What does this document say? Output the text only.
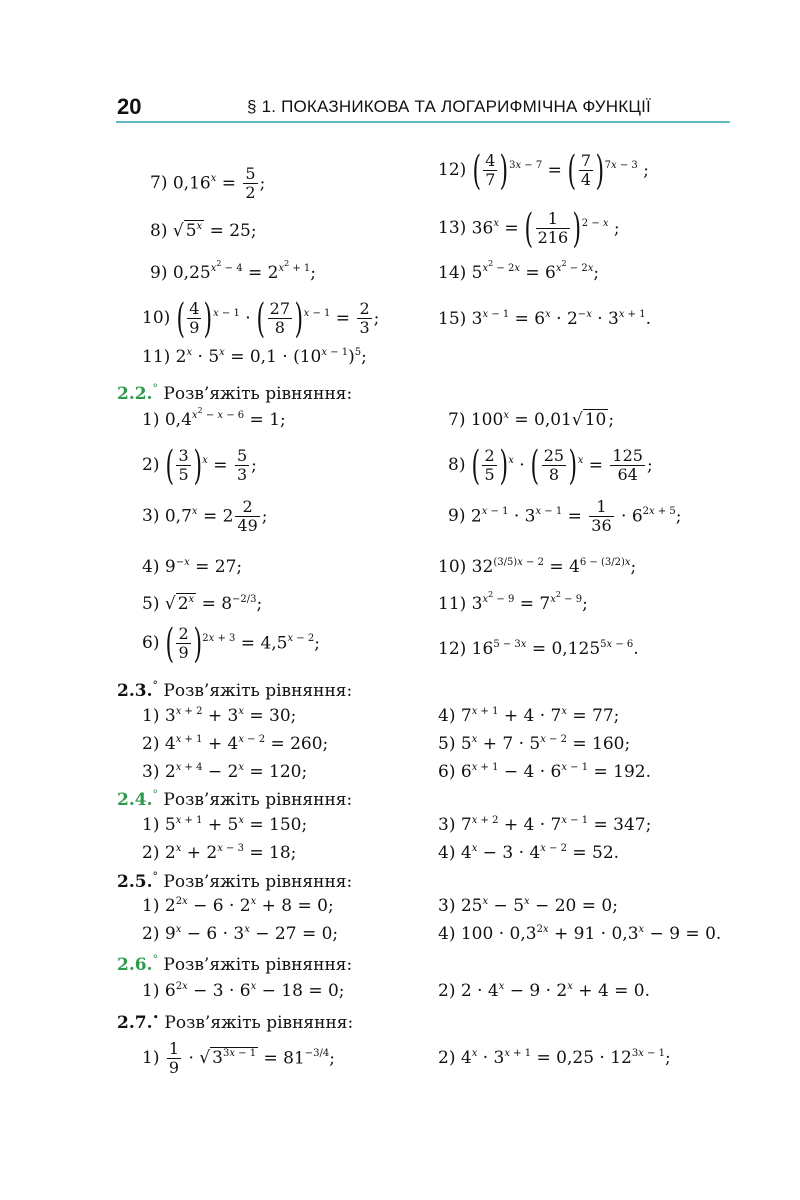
20	§ 1. ПОКАЗНИКОВА ТА ЛОГАРИФМІЧНА ФУНКЦІЇ
7) $0,16^x = \frac{5}{2}$ ;
8) √ $5^x = 25$;
9) $0,25^{x^2 - 4} = 2^{x^2 + 1}$;
10) ( $\frac{4}{9} )^{x - 1}$ · ( $\frac{27}{8} )^{x - 1} = \frac{2}{3}$ ;
11) $2^x \cdot 5^x = 0,1 \cdot (10^{x - 1})^5$;
12) ( $\frac{4}{7} )^{3x - 7}$ = ( $\frac{7}{4} )^{7x - 3}$ ;
13) $36^x$ = ( $\frac{1}{216} )^{2 - x}$ ;
14) $5^{x^2 - 2x} = 6^{x^2 - 2x}$;
15) $3^{x - 1} = 6^x \cdot 2^{-x} \cdot 3^{x + 1}$.
2.2.° Розв’яжіть рівняння:
1) $0,4^{x^2 - x - 6} = 1$;
2) ( $\frac{3}{5} )^x = \frac{5}{3}$ ;
3) $0,7^x = 2 \frac{2}{49}$ ;
4) $9^{-x} = 27$;
5) √ $2^x = 8^{-2/3}$;
6) ( $\frac{2}{9} )^{2x + 3} = 4,5^{x - 2}$;
7) $100^x = 0,01√$ 10 ;
8) ( $\frac{2}{5} )^x$ · ( $\frac{25}{8} )^x = \frac{125}{64}$ ;
9) $2^{x - 1} \cdot 3^{x - 1} = \frac{1}{36} \cdot 6^{2x + 5}$;
10) $32^{(3/5)x - 2} = 4^{6 - (3/2)x}$;
11) $3^{x^2 - 9} = 7^{x^2 - 9}$;
12) $16^{5 - 3x} = 0,125^{5x - 6}$.
2.3.° Розв’яжіть рівняння:
1) $3^{x + 2} + 3^x = 30$;
2) $4^{x + 1} + 4^{x - 2} = 260$;
3) $2^{x + 4} - 2^x = 120$;
4) $7^{x + 1} + 4 \cdot 7^x = 77$;
5) $5^x + 7 \cdot 5^{x - 2} = 160$;
6) $6^{x + 1} - 4 \cdot 6^{x - 1} = 192$.
2.4.° Розв’яжіть рівняння:
1) $5^{x + 1} + 5^x = 150$;
2) $2^x + 2^{x - 3} = 18$;
3) $7^{x + 2} + 4 \cdot 7^{x - 1} = 347$;
4) $4^x - 3 \cdot 4^{x - 2} = 52$.
2.5.° Розв’яжіть рівняння:
1) $2^{2x} - 6 \cdot 2^x + 8 = 0$;
2) $9^x - 6 \cdot 3^x - 27 = 0$;
3) $25^x - 5^x - 20 = 0$;
4) $100 \cdot 0,3^{2x} + 91 \cdot 0,3^x - 9 = 0$.
2.6.° Розв’яжіть рівняння:
1) $6^{2x} - 3 \cdot 6^x - 18 = 0$;	2) $2 \cdot 4^x - 9 \cdot 2^x + 4 = 0$.
2.7.• Розв’яжіть рівняння:
$1) \frac{1}{9}$ · √ $3^{3x - 1} = 81^{-3/4}$;	2) $4^x \cdot 3^{x + 1} = 0,25 \cdot 12^{3x - 1}$;
